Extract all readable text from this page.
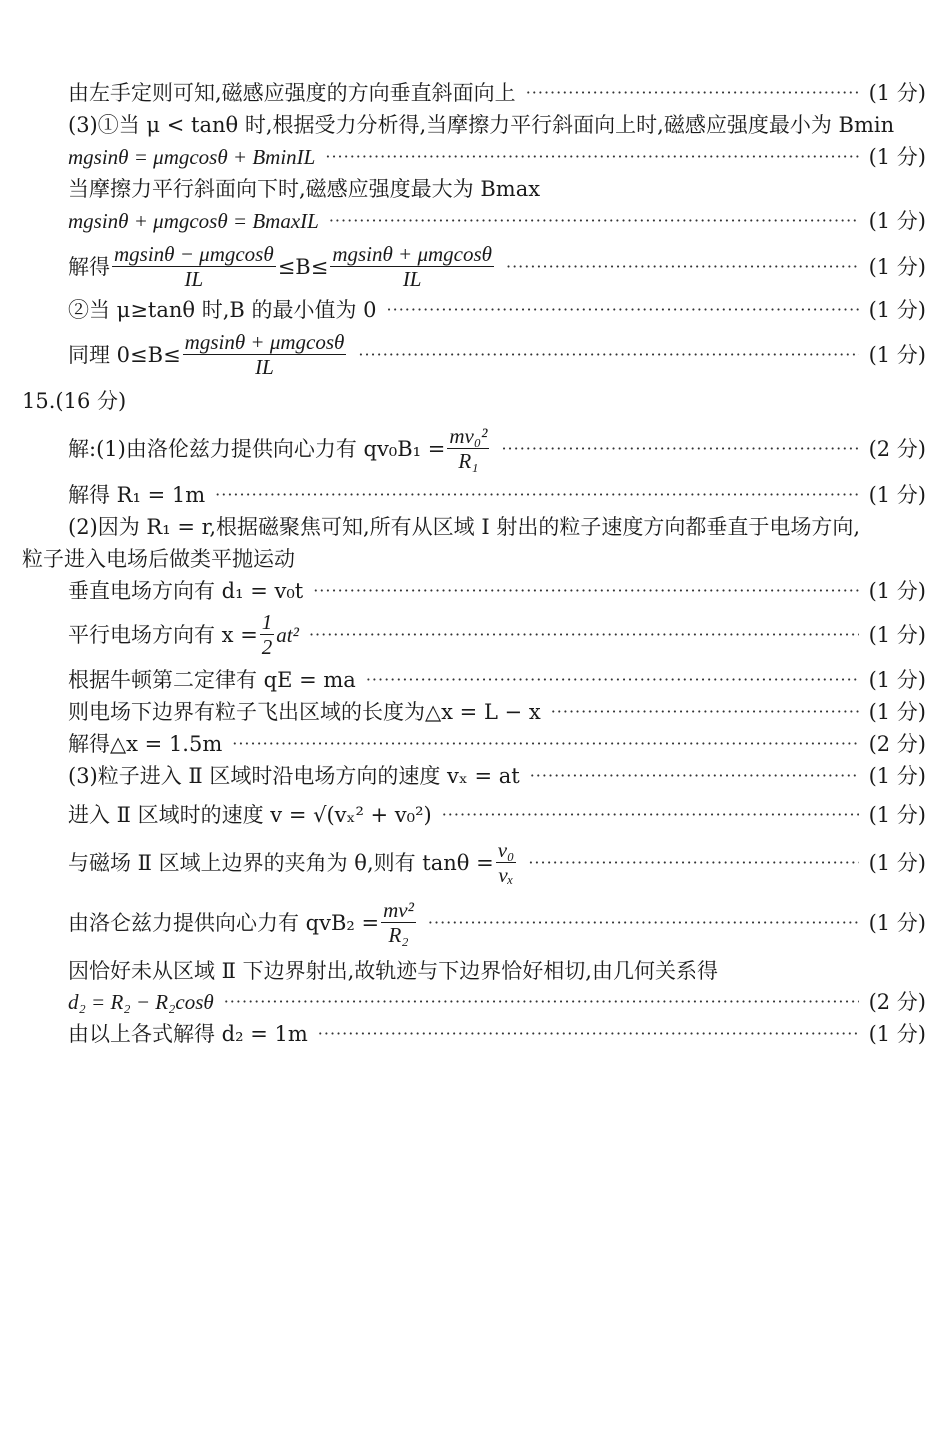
由左手定则可知,磁感应强度的方向垂直斜面向上 ·····	(1 分)
(3)①当 μ < tanθ 时,根据受力分析得,当摩擦力平行斜面向上时,磁感应强度最小为 Bmin
mgsinθ = μmgcosθ + BminIL ·····	(1 分)
当摩擦力平行斜面向下时,磁感应强度最大为 Bmax
mgsinθ + μmgcosθ = BmaxIL ·····	(1 分)
解得 $\frac{\text{mgsinθ − μmgcosθ}}{IL} \le B\le \frac{\text{mgsinθ + μmgcosθ}}{IL}$ ·····	(1 分)
②当 μ≥tanθ 时,B 的最小值为 0 ·····	(1 分)
同理 $0\le B\le \frac{\text{mgsinθ + μmgcosθ}}{IL}$ ·····	(1 分)
15.(16 分)
解:(1)由洛伦兹力提供向心力有 $qv_0B_1 = \frac{\text{mv₀²}}{\text{R₁}}$ ·····	(2 分)
解得 R₁ = 1m ·····	(1 分)
(2)因为 R₁ = r,根据磁聚焦可知,所有从区域 I 射出的粒子速度方向都垂直于电场方向,
粒子进入电场后做类平抛运动
垂直电场方向有 d₁ = v₀t ·····	(1 分)
平行电场方向有 $x = \frac{1}{2} at^2$ ·····	(1 分)
根据牛顿第二定律有 qE = ma ·····	(1 分)
则电场下边界有粒子飞出区域的长度为△x = L − x ·····	(1 分)
解得△x = 1.5m ·····	(2 分)
(3)粒子进入 Ⅱ 区域时沿电场方向的速度 vₓ = at ·····	(1 分)
进入 Ⅱ 区域时的速度 v = √(vₓ² + v₀²) ·····	(1 分)
与磁场 Ⅱ 区域上边界的夹角为 θ,则有 $\tan\theta = \frac{\text{v₀}}{\text{vₓ}}$ ·····	(1 分)
由洛仑兹力提供向心力有 $qvB_2 = \frac{\text{mv²}}{\text{R₂}}$ ·····	(1 分)
因恰好未从区域 Ⅱ 下边界射出,故轨迹与下边界恰好相切,由几何关系得
d₂ = R₂ − R₂cosθ ·····	(2 分)
由以上各式解得 d₂ = 1m ·····	(1 分)
